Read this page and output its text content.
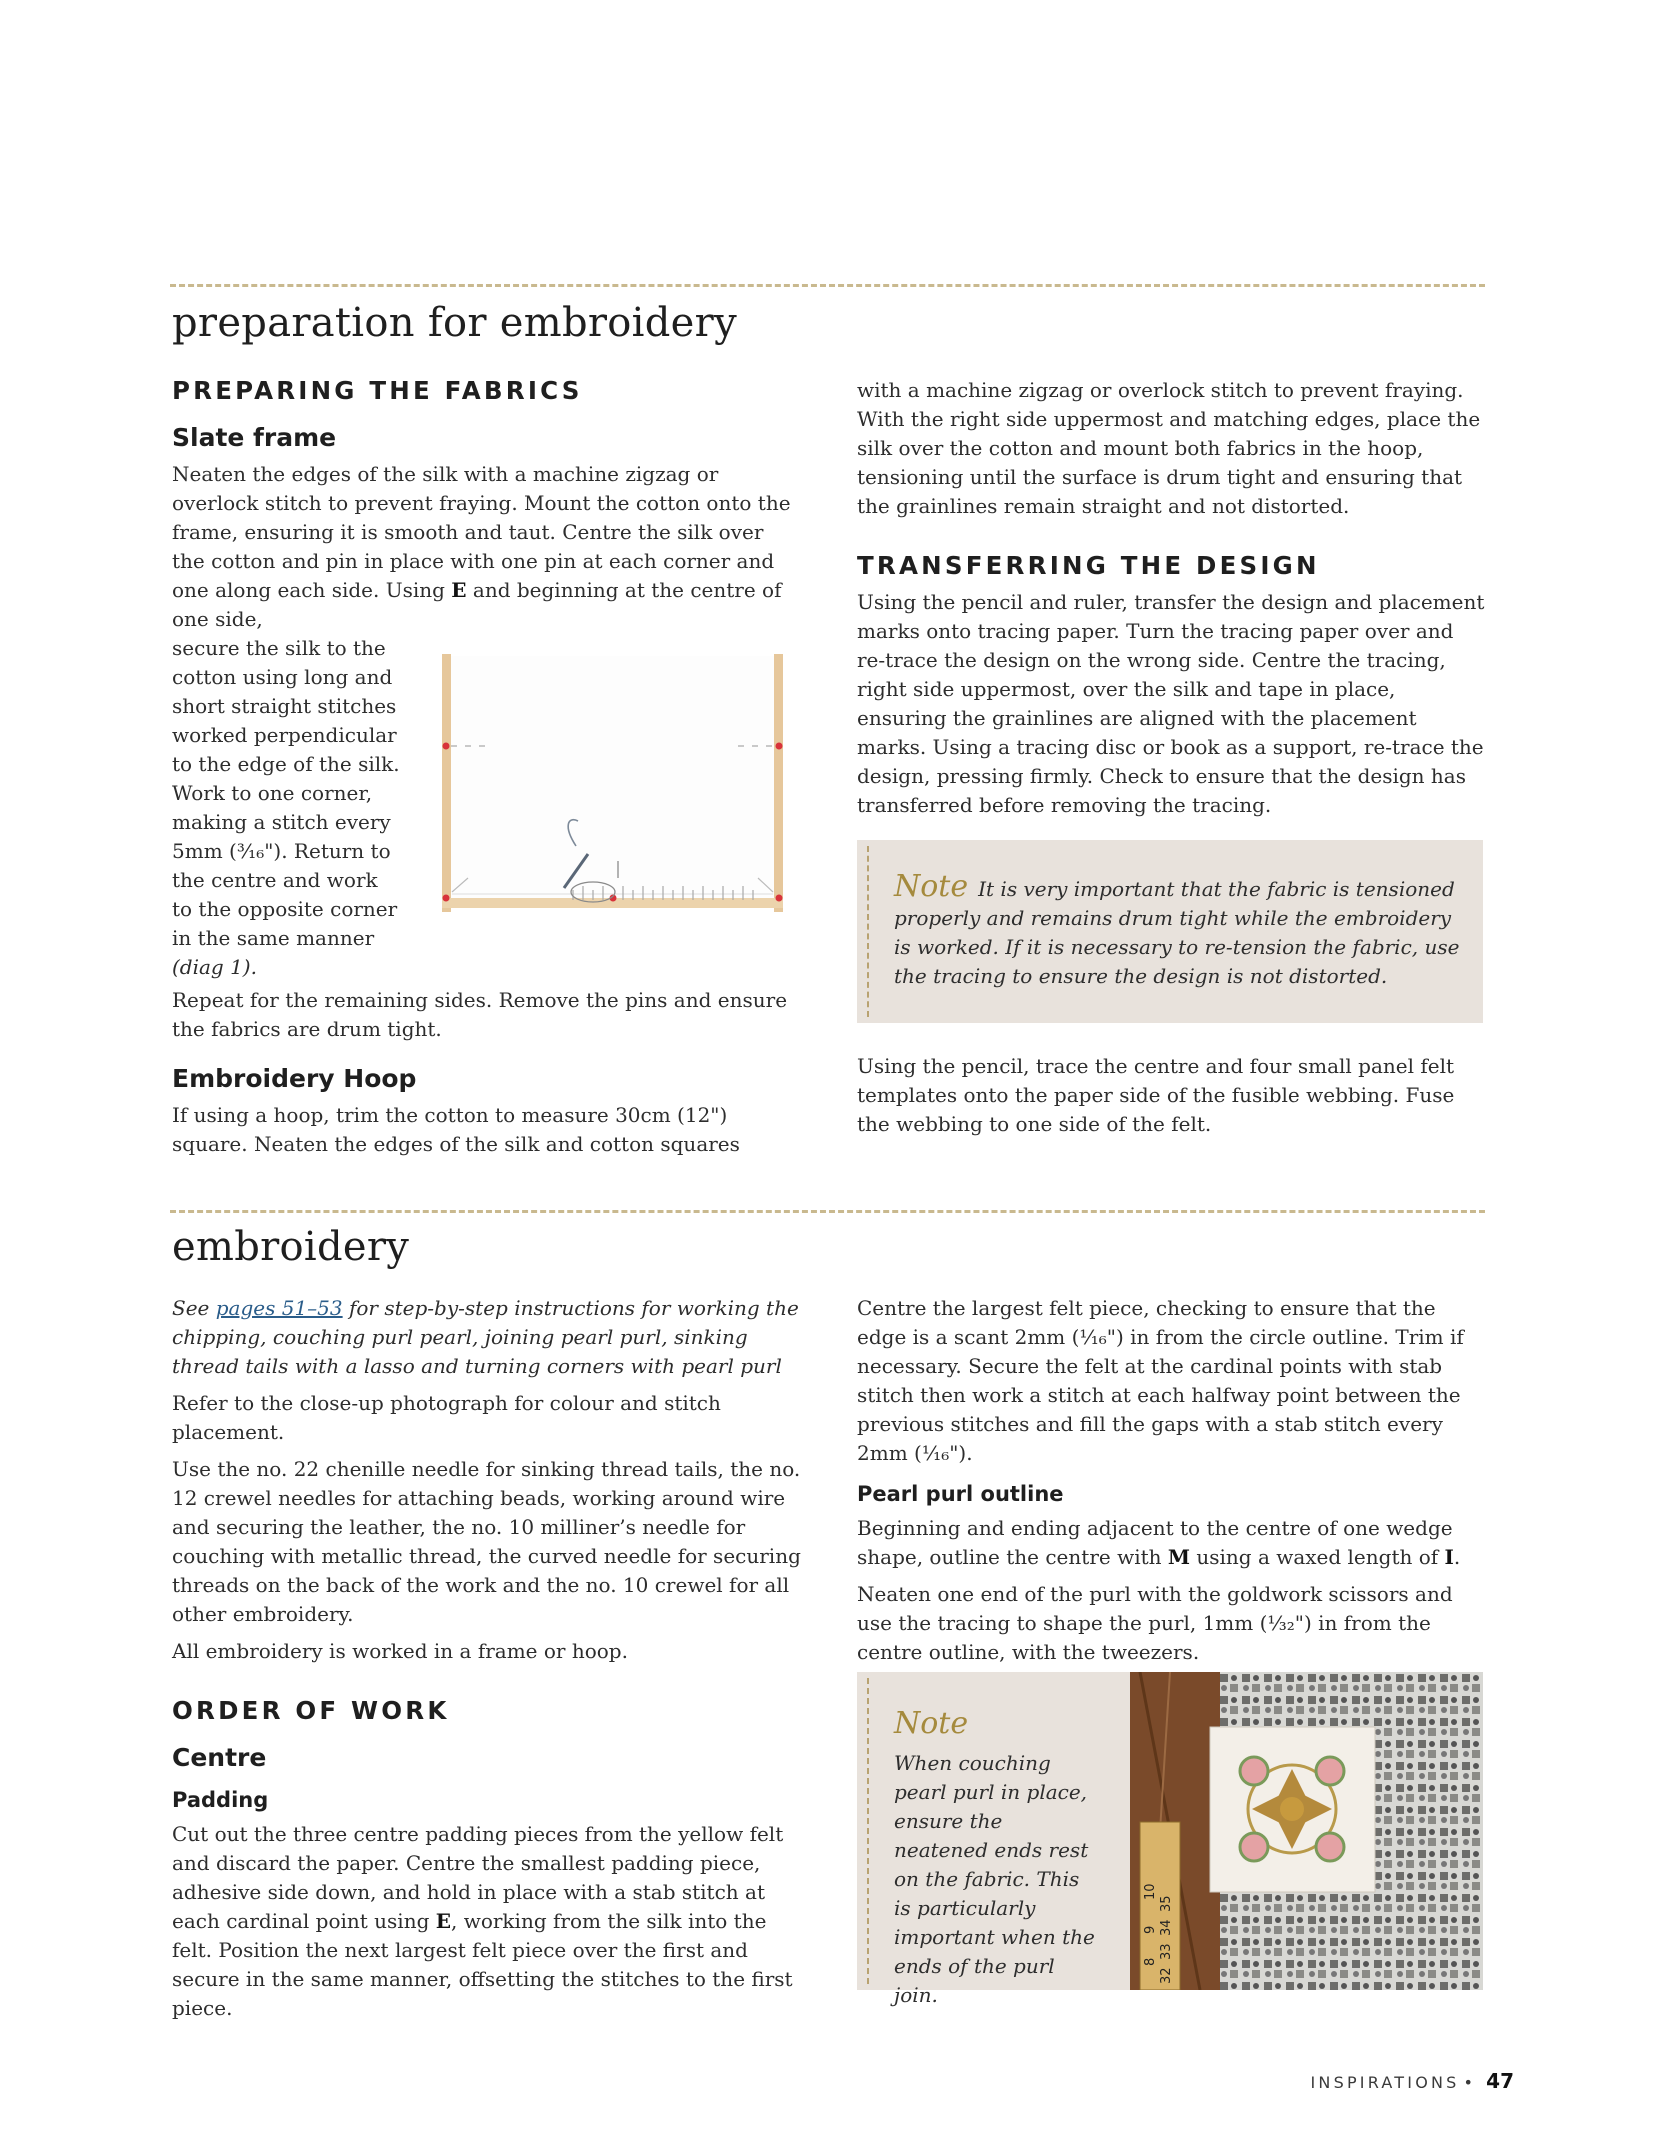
preparation for embroidery
PREPARING THE FABRICS
Slate frame

Neaten the edges of the silk with a machine zigzag or overlock stitch to prevent fraying. Mount the cotton onto the frame, ensuring it is smooth and taut. Centre the silk over the cotton and pin in place with one pin at each corner and one along each side. Using E and beginning at the centre of one side,

secure the silk to the

cotton using long and

short straight stitches

worked perpendicular

to the edge of the silk.

Work to one corner,

making a stitch every

5mm (³⁄₁₆"). Return to

the centre and work

to the opposite corner

in the same manner

(diag 1).

Repeat for the remaining sides. Remove the pins and ensure the fabrics are drum tight.

Embroidery Hoop

If using a hoop, trim the cotton to measure 30cm (12") square. Neaten the edges of the silk and cotton squares

with a machine zigzag or overlock stitch to prevent fraying. With the right side uppermost and matching edges, place the silk over the cotton and mount both fabrics in the hoop, tensioning until the surface is drum tight and ensuring that the grainlines remain straight and not distorted.

TRANSFERRING THE DESIGN

Using the pencil and ruler, transfer the design and placement marks onto tracing paper. Turn the tracing paper over and re-trace the design on the wrong side. Centre the tracing, right side uppermost, over the silk and tape in place, ensuring the grainlines are aligned with the placement marks. Using a tracing disc or book as a support, re-trace the design, pressing firmly. Check to ensure that the design has transferred before removing the tracing.

Note It is very important that the fabric is tensioned properly and remains drum tight while the embroidery is worked. If it is necessary to re-tension the fabric, use the tracing to ensure the design is not distorted.

Using the pencil, trace the centre and four small panel felt templates onto the paper side of the fusible webbing. Fuse the webbing to one side of the felt.

embroidery

See pages 51–53 for step-by-step instructions for working the chipping, couching purl pearl, joining pearl purl, sinking thread tails with a lasso and turning corners with pearl purl

Refer to the close-up photograph for colour and stitch placement.

Use the no. 22 chenille needle for sinking thread tails, the no. 12 crewel needles for attaching beads, working around wire and securing the leather, the no. 10 milliner’s needle for couching with metallic thread, the curved needle for securing threads on the back of the work and the no. 10 crewel for all other embroidery.

All embroidery is worked in a frame or hoop.

ORDER OF WORK
Centre
Padding

Cut out the three centre padding pieces from the yellow felt and discard the paper. Centre the smallest padding piece, adhesive side down, and hold in place with a stab stitch at each cardinal point using E, working from the silk into the felt. Position the next largest felt piece over the first and secure in the same manner, offsetting the stitches to the first piece.

Centre the largest felt piece, checking to ensure that the edge is a scant 2mm (¹⁄₁₆") in from the circle outline. Trim if necessary. Secure the felt at the cardinal points with stab stitch then work a stitch at each halfway point between the previous stitches and fill the gaps with a stab stitch every 2mm (¹⁄₁₆").

Pearl purl outline

Beginning and ending adjacent to the centre of one wedge shape, outline the centre with M using a waxed length of I.

Neaten one end of the purl with the goldwork scissors and use the tracing to shape the purl, 1mm (¹⁄₃₂") in from the centre outline, with the tweezers.

Note

When couching pearl purl in place, ensure the neatened ends rest on the fabric. This is particularly important when the ends of the purl join.

32
33
34
35
8
9
10
INSPIRATIONS • 47
